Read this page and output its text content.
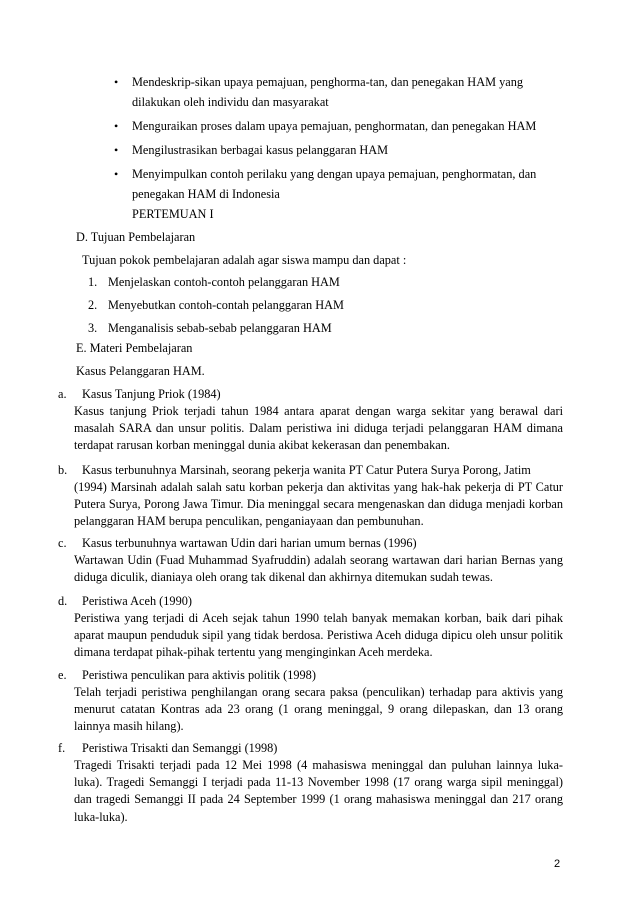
• Mendeskrip-sikan upaya pemajuan, penghorma-tan, dan penegakan HAM yang
dilakukan oleh individu dan masyarakat
• Menguraikan proses dalam upaya pemajuan, penghormatan, dan penegakan HAM
• Mengilustrasikan berbagai kasus pelanggaran HAM
• Menyimpulkan contoh perilaku yang dengan upaya pemajuan, penghormatan, dan
penegakan HAM di Indonesia
PERTEMUAN I
D. Tujuan Pembelajaran
Tujuan pokok pembelajaran adalah agar siswa mampu dan dapat :
1. Menjelaskan contoh-contoh pelanggaran HAM
2. Menyebutkan contoh-contah pelanggaran HAM
3. Menganalisis sebab-sebab pelanggaran HAM
E. Materi Pembelajaran
Kasus Pelanggaran HAM.
a. Kasus Tanjung Priok (1984)
Kasus tanjung Priok terjadi tahun 1984 antara aparat dengan warga sekitar yang berawal dari masalah SARA dan unsur politis. Dalam peristiwa ini diduga terjadi pelanggaran HAM dimana terdapat rarusan korban meninggal dunia akibat kekerasan dan penembakan.
b. Kasus terbunuhnya Marsinah, seorang pekerja wanita PT Catur Putera Surya Porong, Jatim
(1994) Marsinah adalah salah satu korban pekerja dan aktivitas yang hak-hak pekerja di PT Catur Putera Surya, Porong Jawa Timur. Dia meninggal secara mengenaskan dan diduga menjadi korban pelanggaran HAM berupa penculikan, penganiayaan dan pembunuhan.
c. Kasus terbunuhnya wartawan Udin dari harian umum bernas (1996)
Wartawan Udin (Fuad Muhammad Syafruddin) adalah seorang wartawan dari harian Bernas yang diduga diculik, dianiaya oleh orang tak dikenal dan akhirnya ditemukan sudah tewas.
d. Peristiwa Aceh (1990)
Peristiwa yang terjadi di Aceh sejak tahun 1990 telah banyak memakan korban, baik dari pihak aparat maupun penduduk sipil yang tidak berdosa. Peristiwa Aceh diduga dipicu oleh unsur politik dimana terdapat pihak-pihak tertentu yang menginginkan Aceh merdeka.
e. Peristiwa penculikan para aktivis politik (1998)
Telah terjadi peristiwa penghilangan orang secara paksa (penculikan) terhadap para aktivis yang menurut catatan Kontras ada 23 orang (1 orang meninggal, 9 orang dilepaskan, dan 13 orang lainnya masih hilang).
f. Peristiwa Trisakti dan Semanggi (1998)
Tragedi Trisakti terjadi pada 12 Mei 1998 (4 mahasiswa meninggal dan puluhan lainnya luka-luka). Tragedi Semanggi I terjadi pada 11-13 November 1998 (17 orang warga sipil meninggal) dan tragedi Semanggi II pada 24 September 1999 (1 orang mahasiswa meninggal dan 217 orang luka-luka).
2
